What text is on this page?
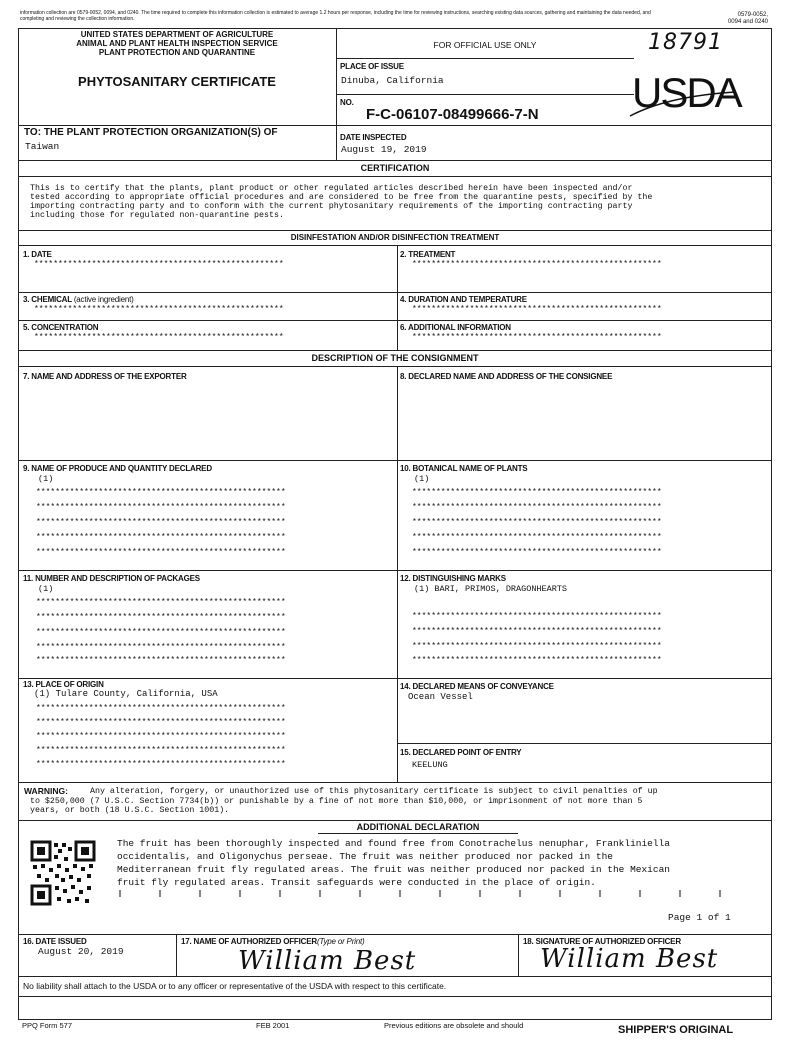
information collection are 0579-0052, 0094, and 0240. The time required to complete this information collection is estimated to average 1.2 hours per response, including the time for reviewing instructions, searching existing data sources, gathering and maintaining the data needed, and completing and reviewing the collection information.
0579-0052,
0094 and 0240
UNITED STATES DEPARTMENT OF AGRICULTURE
ANIMAL AND PLANT HEALTH INSPECTION SERVICE
PLANT PROTECTION AND QUARANTINE
PHYTOSANITARY CERTIFICATE
FOR OFFICIAL USE ONLY	18791
USDA
PLACE OF ISSUE
Dinuba, California
NO.
F-C-06107-08499666-7-N
TO: THE PLANT PROTECTION ORGANIZATION(S) OF
Taiwan
DATE INSPECTED
August 19, 2019
CERTIFICATION
This is to certify that the plants, plant product or other regulated articles described herein have been inspected and/or
tested according to appropriate official procedures and are considered to be free from the quarantine pests, specified by the
importing contracting party and to conform with the current phytosanitary requirements of the importing contracting party
including those for regulated non-quarantine pests.
DISINFESTATION AND/OR DISINFECTION TREATMENT
1. DATE
****************************************************
2. TREATMENT
****************************************************
3. CHEMICAL (active ingredient)
****************************************************
4. DURATION AND TEMPERATURE
****************************************************
5. CONCENTRATION
****************************************************
6. ADDITIONAL INFORMATION
****************************************************
DESCRIPTION OF THE CONSIGNMENT
7. NAME AND ADDRESS OF THE EXPORTER	8. DECLARED NAME AND ADDRESS OF THE CONSIGNEE
9. NAME OF PRODUCE AND QUANTITY DECLARED
(1)
****************************************************
****************************************************
****************************************************
****************************************************
****************************************************
10. BOTANICAL NAME OF PLANTS
(1)
****************************************************
****************************************************
****************************************************
****************************************************
****************************************************
11. NUMBER AND DESCRIPTION OF PACKAGES
(1)
****************************************************
****************************************************
****************************************************
****************************************************
****************************************************
12. DISTINGUISHING MARKS
(1) BARI, PRIMOS, DRAGONHEARTS
****************************************************
****************************************************
****************************************************
****************************************************
13. PLACE OF ORIGIN
(1) Tulare County, California, USA
****************************************************
****************************************************
****************************************************
****************************************************
****************************************************
14. DECLARED MEANS OF CONVEYANCE
Ocean Vessel
15. DECLARED POINT OF ENTRY
KEELUNG
WARNING:	Any alteration, forgery, or unauthorized use of this phytosanitary certificate is subject to civil penalties of up
to $250,000 (7 U.S.C. Section 7734(b)) or punishable by a fine of not more than $10,000, or imprisonment of not more than 5
years, or both (18 U.S.C. Section 1001).
ADDITIONAL DECLARATION
The fruit has been thoroughly inspected and found free from Conotrachelus nenuphar, Frankliniella
occidentalis, and Oligonychus perseae. The fruit was neither produced nor packed in the
Mediterranean fruit fly regulated areas. The fruit was neither produced nor packed in the Mexican
fruit fly regulated areas. Transit safeguards were conducted in the place of origin.
Page 1 of 1
16. DATE ISSUED
August 20, 2019
17. NAME OF AUTHORIZED OFFICER(Type or Print)
William Best
18. SIGNATURE OF AUTHORIZED OFFICER
William Best
No liability shall attach to the USDA or to any officer or representative of the USDA with respect to this certificate.
PPQ Form 577	FEB 2001	Previous editions are obsolete and should	SHIPPER'S ORIGINAL
